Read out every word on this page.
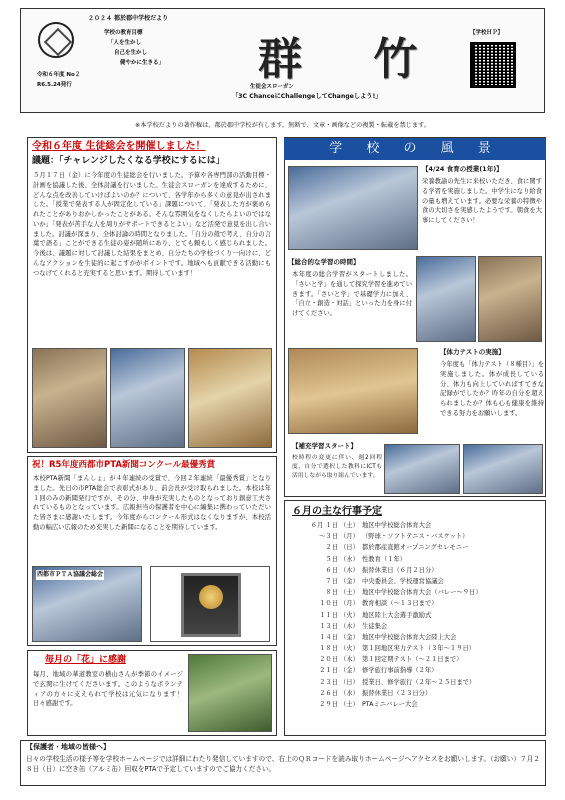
２０２４ 都於郡中学校だより
学校の教育目標
「人を生かし
自己を生かし
健やかに生きる」
令和６年度 No２
R6.5.24発行	群 竹
生徒会スローガン
「3C ChanceにChallengeしてChangeしよう!」
【学校ＨＰ】
※本学校だよりの著作権は、都於郡中学校が有します。無断で、文章・画像などの複製・転載を禁じます。
令和６年度 生徒総会を開催しました！
議題：「チャレンジしたくなる学校にするには」
５月１７日（金）に今年度の生徒総会を行いました。予算や各専門部の活動目標・計画を協議した後、全体討議を行いました。生徒会スローガンを達成するために、どんな点を改善していけばよいのか？について、各学年から多くの意見が出されました。「授業で発表する人が固定化している」課題について、「発表した方が褒められたことがありおかしかったことがある。そんな雰囲気をなくしたらよいのではないか」「発表が苦手な人を周りがサポートできるとよい」など活発で意見を出し合いました。討議が深まり、全体討論の時間となりました。「自分の殻で考え、自分の言葉で語る」ことができる生徒の姿が随所にあり、とても頼もしく感じられました。今後は、議題に対して討議した結果をまとめ、自分たちの学校づくり一向けに、どんなアクションを生徒的に起こすかがポイントです。地域へも貢献できる活動にもつなげてくれると充実すると思います。期待しています！
祝！R5年度西都市PTA新聞コンクール最優秀賞
本校PTA新聞「まんしょ」が４年連続の受賞で、今回２年連続「最優秀賞」となりました。先日の市PTA総会で表彰式があり、前会長が受け取られました。本校は年１回のみの新聞発行ですが、その分、中身が充実したものとなっており創意工夫されているものとなっています。広報担当の保護者を中心に編集に携わっていただいた皆さまに感謝いたします。今年度からコンクール形式はなくなりますが、本校活動の幅広い広報のため充実した新聞になることを期待しています。
西都市ＰＴＡ協議会総会
毎月の「花」に感謝
毎月、地域の華道教室の横山さんが季節のイメージで玄関に生けてくださいます。このようなボランティアの方々に支えられて学校は元気になります！日々感謝です。
学 校 の 風 景
【4/24 食育の授業(1年)】
栄養教諭の先生に来校いただき、食に関する学習を実施しました。中学生になり給食の量も増えています。必要な栄養の特徴や食の大切さを実感したようです。朝食を大事にしてください！
【総合的な学習の時間】
本年度の総合学習がスタートしました。「さいと学」を通して探究学習を進めていきます。「さいと学」で基礎学力に加え、「自立・創造・対話」といった力を身に付けてください。
【体力テストの実施】
今年度も「体力テスト（８種目）」を実施しました。体が成長している分、体力も向上していればすてきな記録がでしたか？昨年の自分を超えられましたか？体も心も健康を維持できる努力をお願いします。
【補充学習スタート】
校時程の変更に伴い、週2回程度、自分で選択した教科にICTも活用しながら取り組んでいます。
６月の主な行事予定
６月 １日 （土） 地区中学校総合体育大会
～３日 （月） （野球・ソフトテニス・バスケット）
２日 （日） 都於郡産直館オープニングセレモニー
５日 （水） 性教育（１年）
６日 （木） 振替休業日（６月２日分）
７日 （金） 中央委員会、学校運営協議会
８日 （土） 地区中学校総合体育大会（バレー～９日）
１０日 （月） 教育相談（～１３日まで）
１１日 （火） 地区陸上大会選手激励式
１３日 （木） 生徒集会
１４日 （金） 地区中学校総合体育大会陸上大会
１８日 （火） 第１回地区実力テスト（３年～１９日）
２０日 （木） 第１回定期テスト（～２１日まで）
２１日 （金） 修学旅行事前指導（２年）
２３日 （日） 授業日、修学旅行（２年～２５日まで）
２６日 （水） 振替休業日（２３日分）
２９日 （土） PTAミニバレー大会
【保護者・地域の皆様へ】
日々の学校生活の様子等を学校ホームページでは詳細にわたり発信していますので、右上のＱＲコードを読み取りホームページへアクセスをお願いします。（お願い）７月２８日（日）に空き缶（アルミ缶）回収をPTAで予定していますのでご協力ください。
